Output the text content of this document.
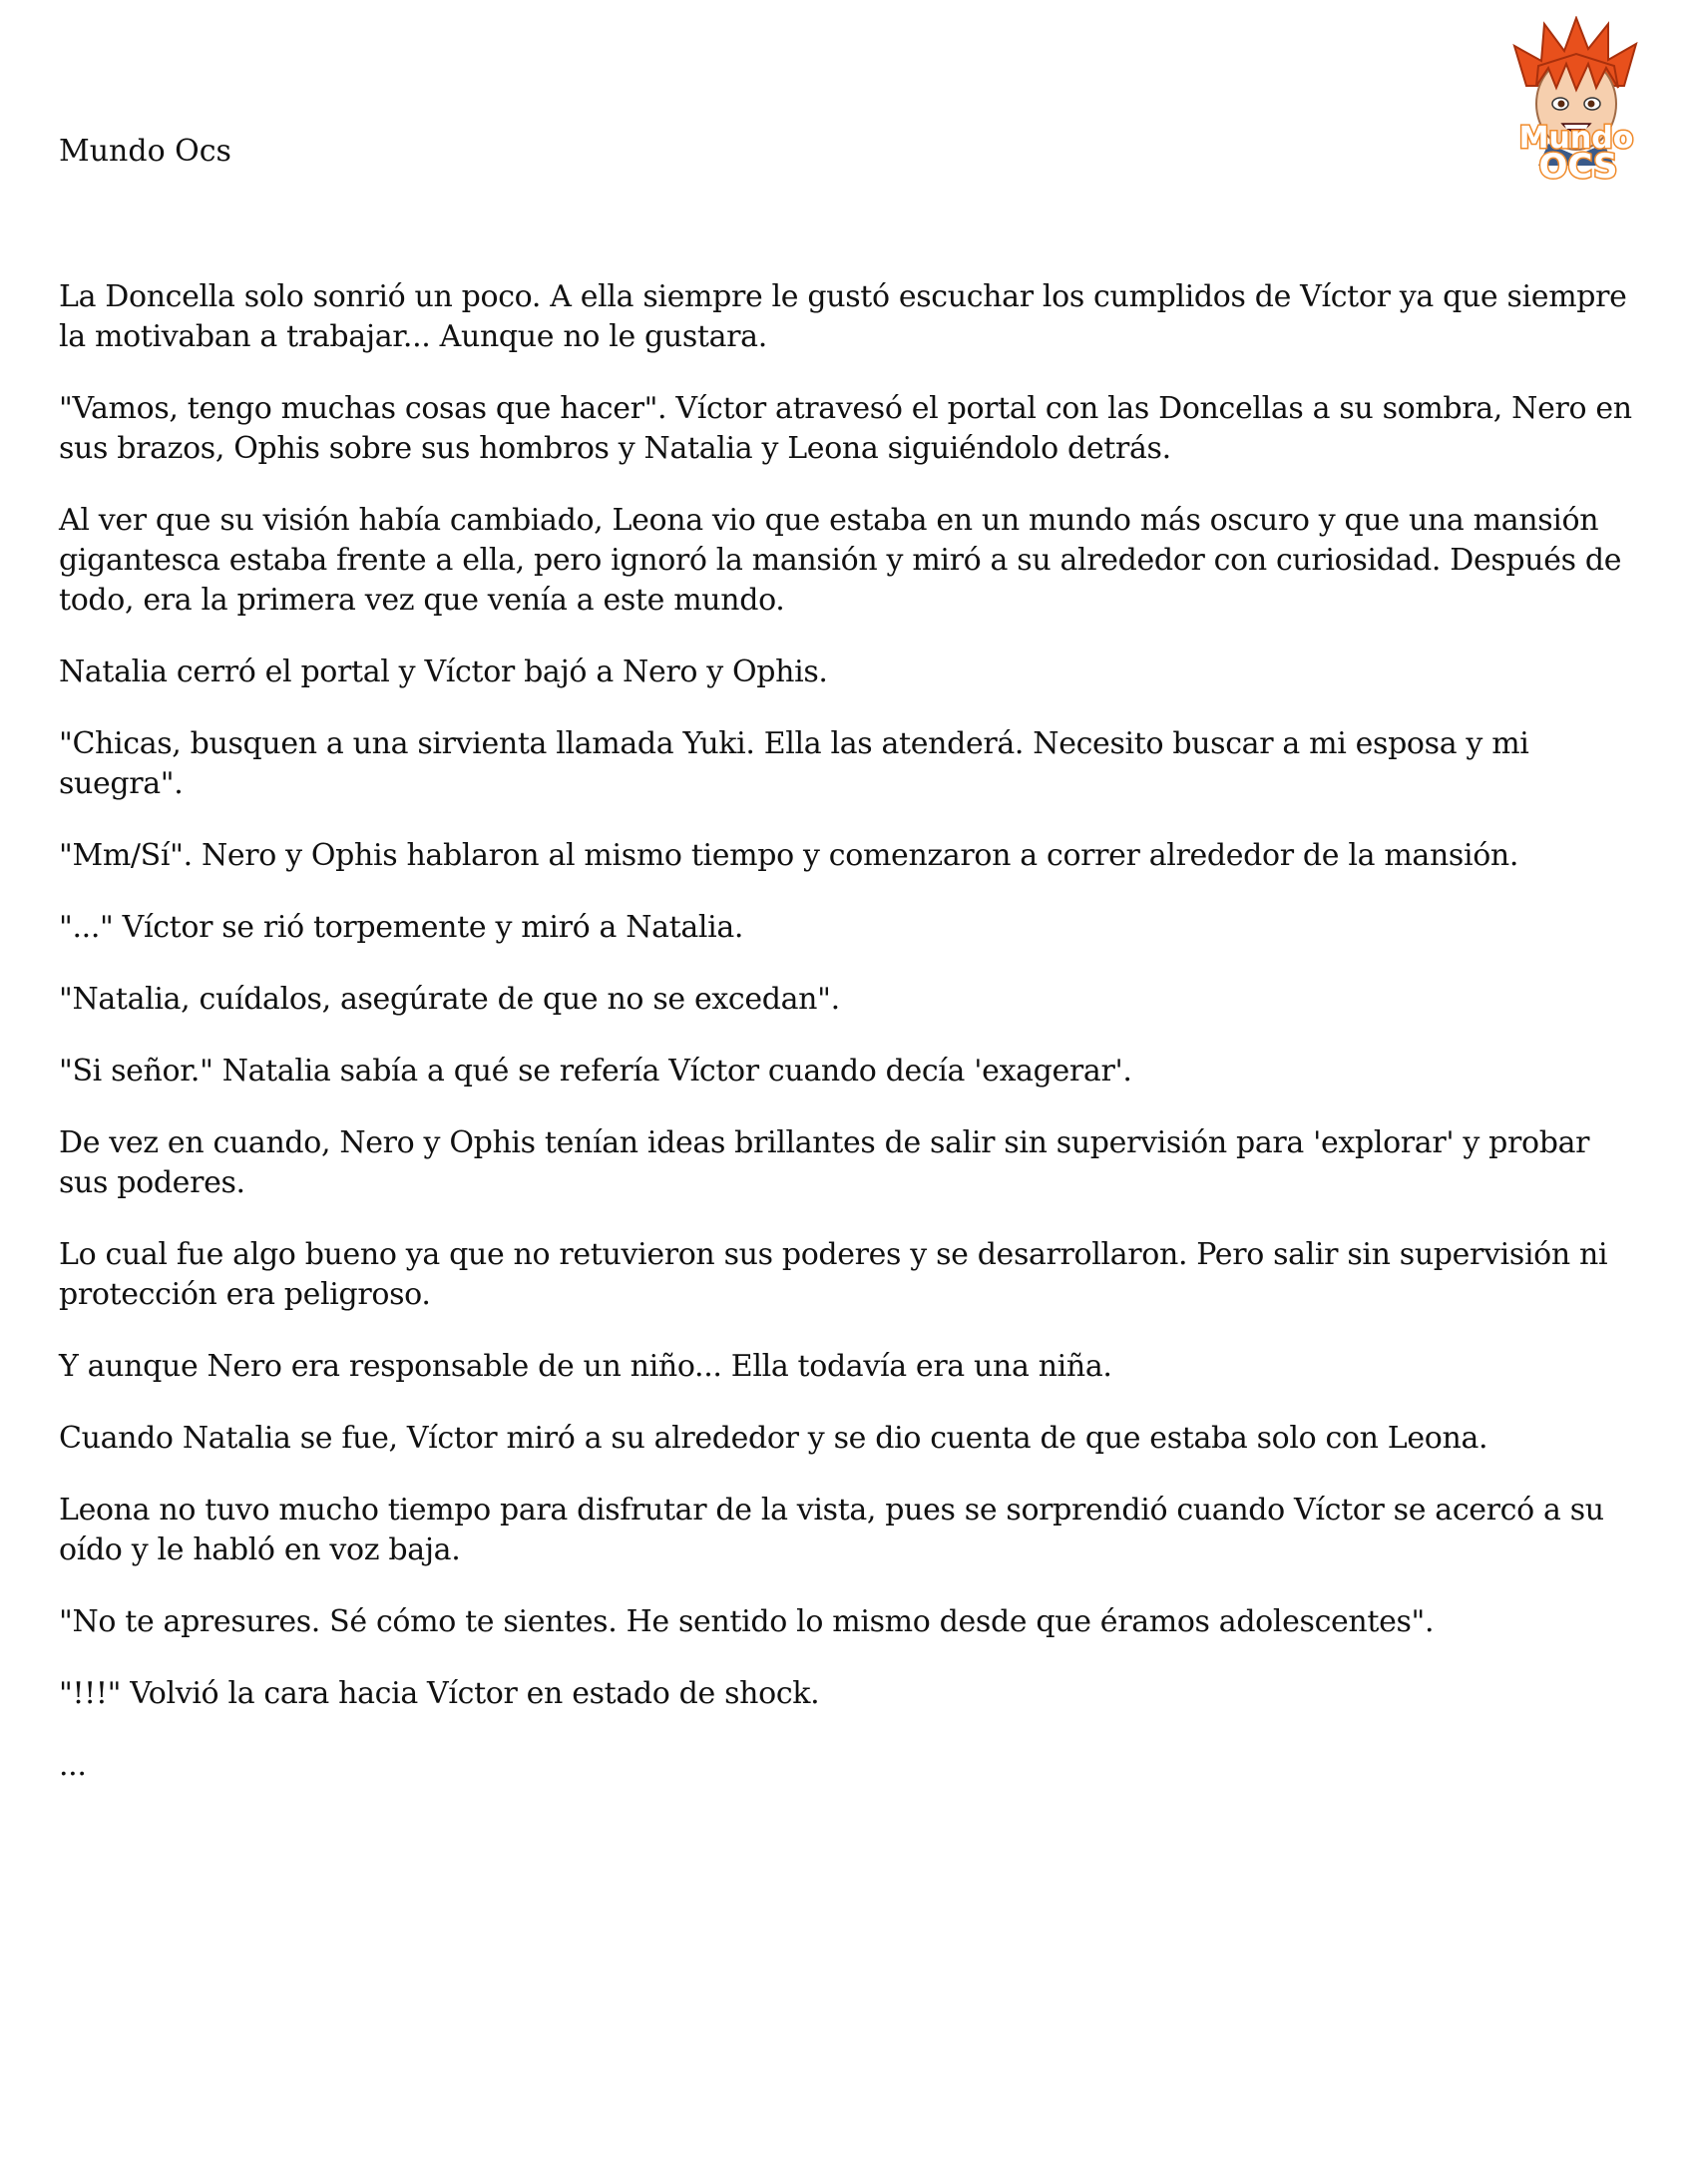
Mundo Ocs	Mundo
OCS

La Doncella solo sonrió un poco. A ella siempre le gustó escuchar los cumplidos de Víctor ya que siempre la motivaban a trabajar... Aunque no le gustara.

"Vamos, tengo muchas cosas que hacer". Víctor atravesó el portal con las Doncellas a su sombra, Nero en sus brazos, Ophis sobre sus hombros y Natalia y Leona siguiéndolo detrás.

Al ver que su visión había cambiado, Leona vio que estaba en un mundo más oscuro y que una mansión gigantesca estaba frente a ella, pero ignoró la mansión y miró a su alrededor con curiosidad. Después de todo, era la primera vez que venía a este mundo.

Natalia cerró el portal y Víctor bajó a Nero y Ophis.

"Chicas, busquen a una sirvienta llamada Yuki. Ella las atenderá. Necesito buscar a mi esposa y mi suegra".

"Mm/Sí". Nero y Ophis hablaron al mismo tiempo y comenzaron a correr alrededor de la mansión.

"..." Víctor se rió torpemente y miró a Natalia.

"Natalia, cuídalos, asegúrate de que no se excedan".

"Si señor." Natalia sabía a qué se refería Víctor cuando decía 'exagerar'.

De vez en cuando, Nero y Ophis tenían ideas brillantes de salir sin supervisión para 'explorar' y probar sus poderes.

Lo cual fue algo bueno ya que no retuvieron sus poderes y se desarrollaron. Pero salir sin supervisión ni protección era peligroso.

Y aunque Nero era responsable de un niño... Ella todavía era una niña.

Cuando Natalia se fue, Víctor miró a su alrededor y se dio cuenta de que estaba solo con Leona.

Leona no tuvo mucho tiempo para disfrutar de la vista, pues se sorprendió cuando Víctor se acercó a su oído y le habló en voz baja.

"No te apresures. Sé cómo te sientes. He sentido lo mismo desde que éramos adolescentes".

"!!!" Volvió la cara hacia Víctor en estado de shock.

...
